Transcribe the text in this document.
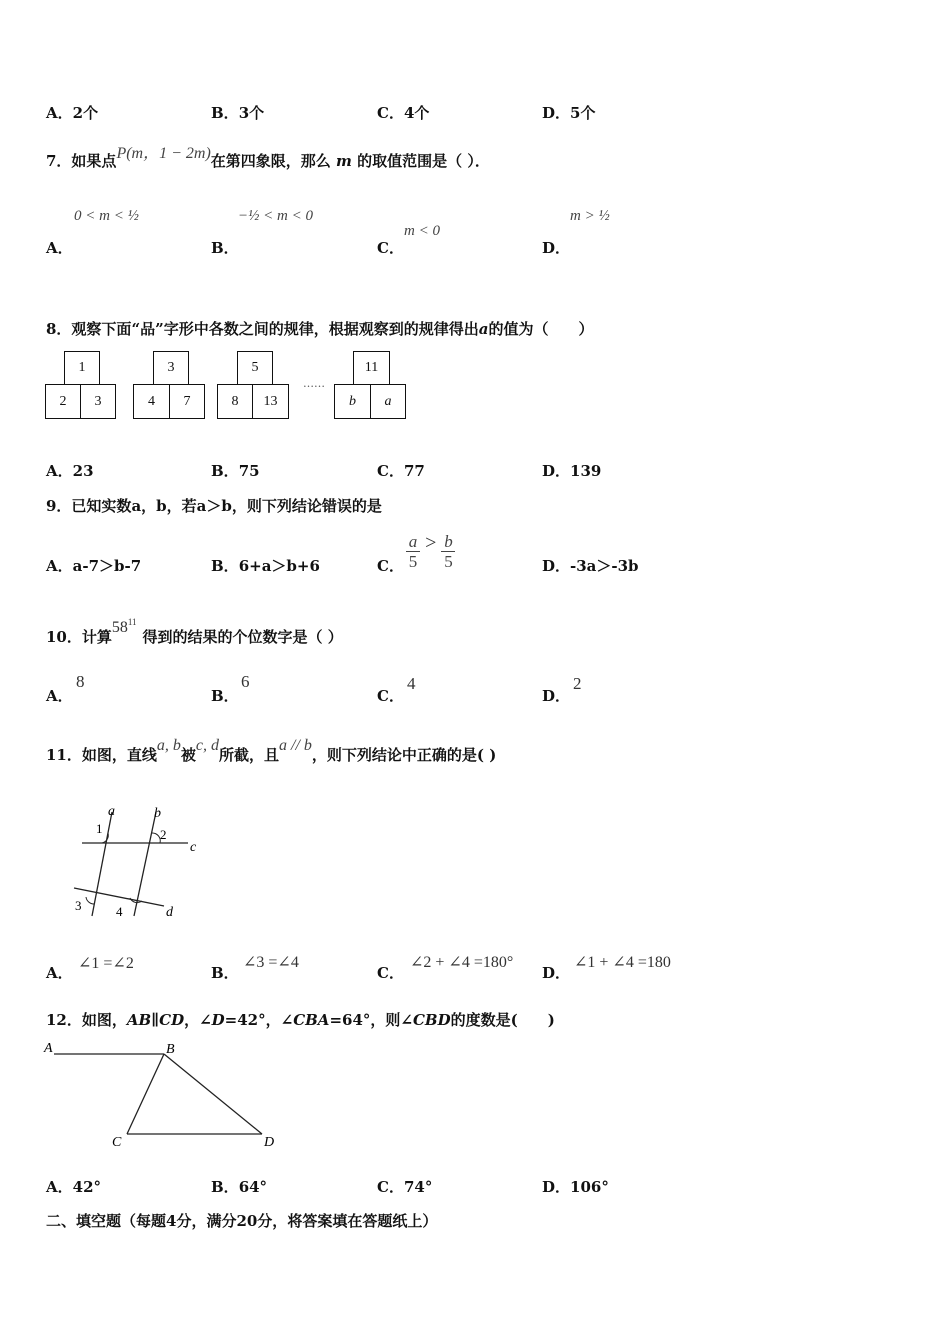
A．2个	B．3个	C．4个	D．5个
7．如果点P(m，1 − 2m)在第四象限，那么 m 的取值范围是（ ）．
A．
0 < m < ½
B．
−½ < m < 0
C．
m < 0
D．
m > ½
8．观察下面“品”字形中各数之间的规律，根据观察到的规律得出a的值为（　　）
1
2	3
3
4	7
5
8	13
……
11
b	a
A．23	B．75	C．77	D．139
9．已知实数a，b，若a＞b，则下列结论错误的是
A．a-7＞b-7	B．6+a＞b+6	C． $\frac{a}{5} > \frac{b}{5}$	D．-3a＞-3b
10．计算$58^{11}$得到的结果的个位数字是（ ）
A．
8
B．
6
C．
4
D．
2
11．如图，直线a, b被c, d所截，且a // b，则下列结论中正确的是( )
a	b
c
d
1	2
3	4
A．
∠1 =∠2
B．
∠3 =∠4
C．
∠2 + ∠4 =180°
D．
∠1 + ∠4 =180
12．如图，AB∥CD，∠D=42°，∠CBA=64°，则∠CBD的度数是(　　)
A	B
C	D
A．42°	B．64°	C．74°	D．106°
二、填空题（每题4分，满分20分，将答案填在答题纸上）
